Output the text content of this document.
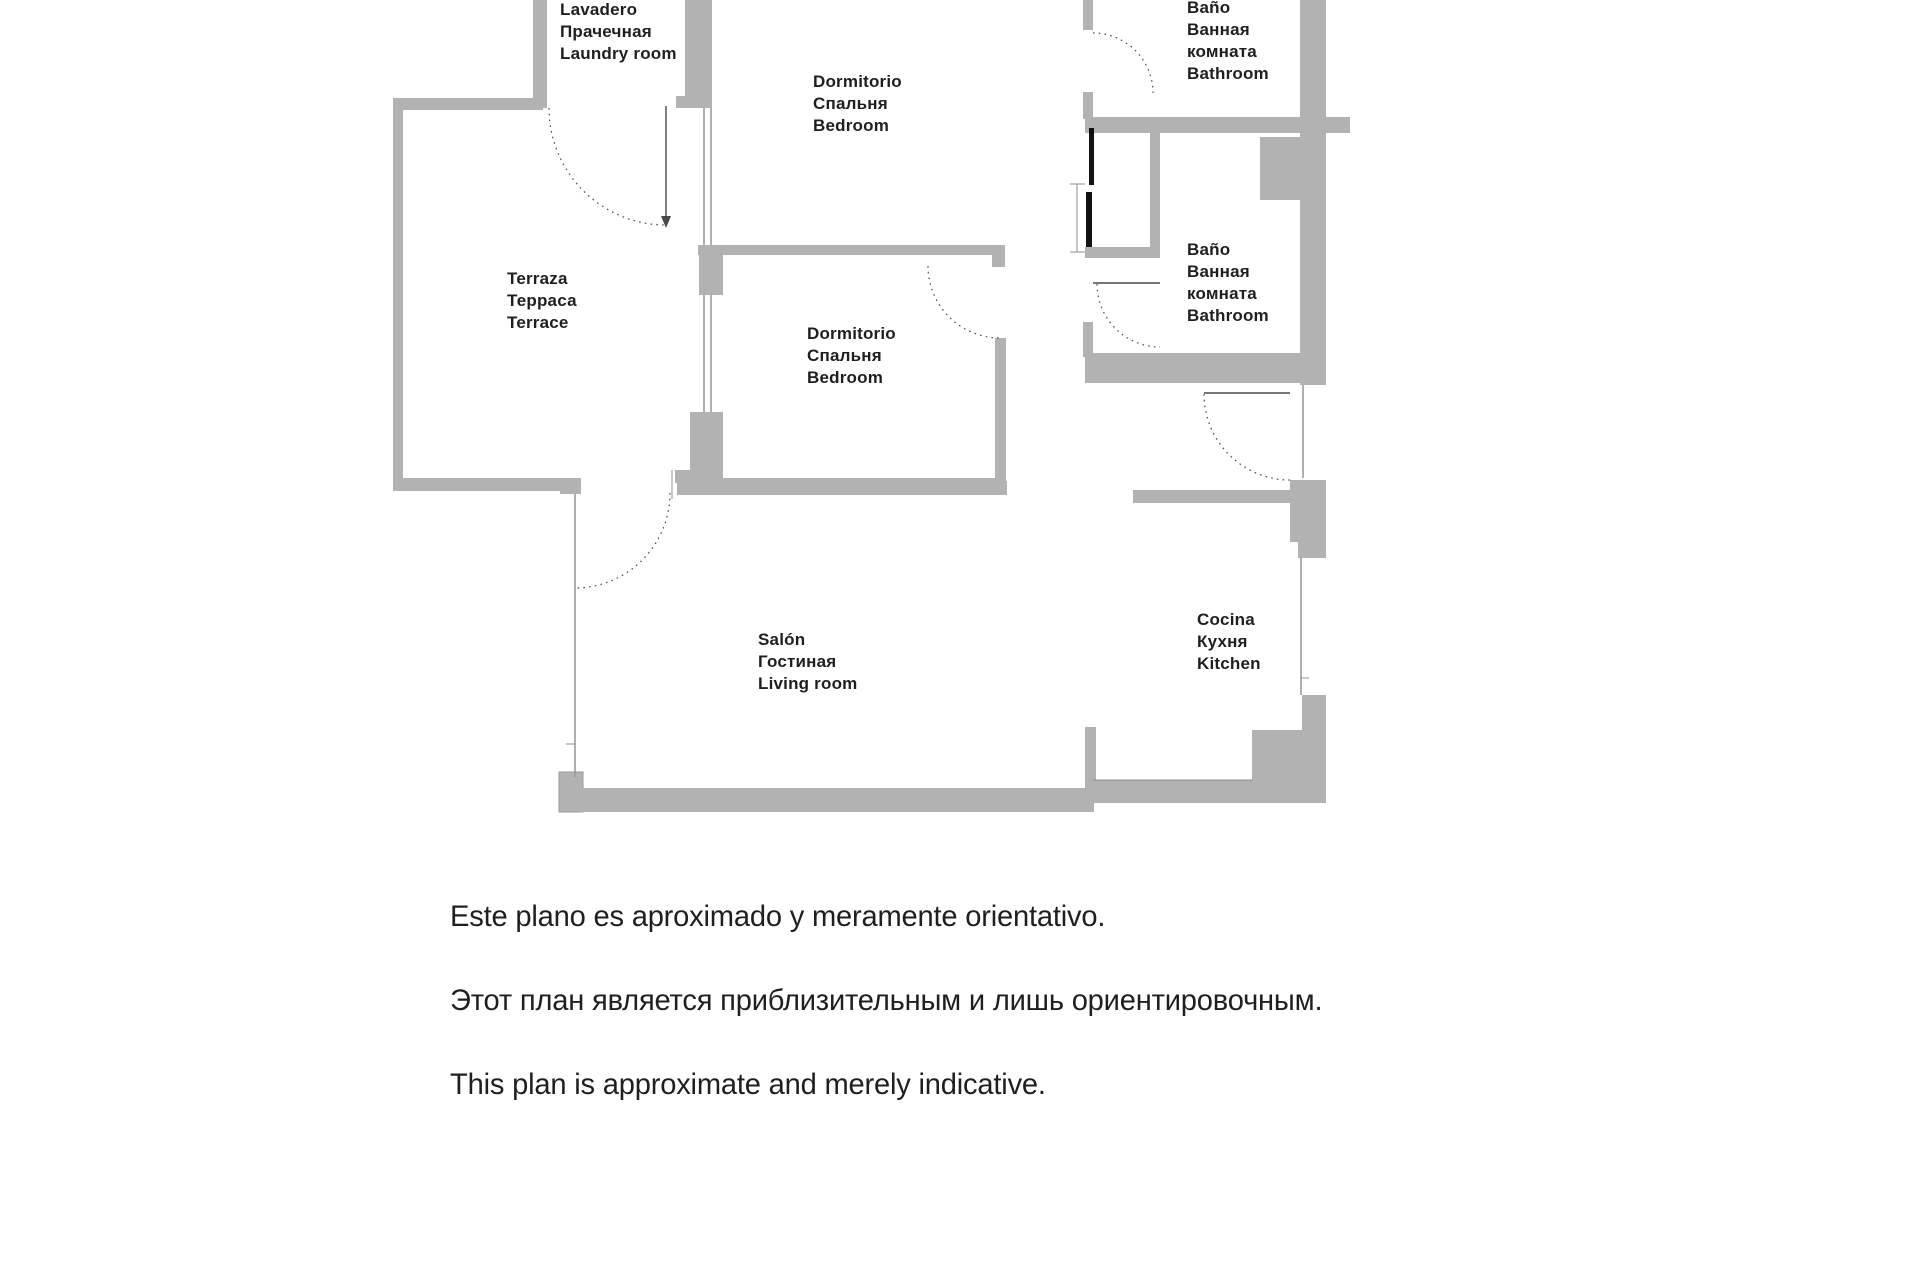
Lavadero
Прачечная
Laundry room
Dormitorio
Спальня
Bedroom
Baño
Ванная
комната
Bathroom
Terraza
Терраса
Terrace
Dormitorio
Спальня
Bedroom
Baño
Ванная
комната
Bathroom
Salón
Гостиная
Living room
Cocina
Кухня
Kitchen

Este plano es aproximado y meramente orientativo.

Этот план является приблизительным и лишь ориентировочным.

This plan is approximate and merely indicative.
